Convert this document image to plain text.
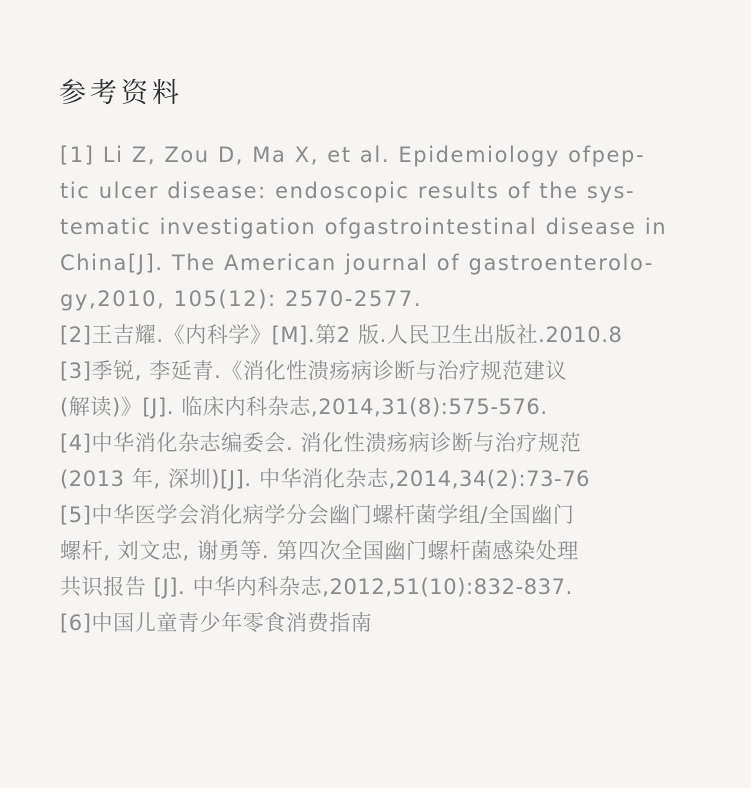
参考资料
[1] Li Z, Zou D, Ma X, et al. Epidemiology ofpep-
tic ulcer disease: endoscopic results of the sys-
tematic investigation ofgastrointestinal disease in
China[J]. The American journal of gastroenterolo-
gy,2010, 105(12): 2570-2577.
[2]王吉耀.《内科学》[M].第2 版.人民卫生出版社.2010.8
[3]季锐, 李延青.《消化性溃疡病诊断与治疗规范建议
(解读)》[J]. 临床内科杂志,2014,31(8):575-576.
[4]中华消化杂志编委会. 消化性溃疡病诊断与治疗规范
(2013 年, 深圳)[J]. 中华消化杂志,2014,34(2):73-76
[5]中华医学会消化病学分会幽门螺杆菌学组/全国幽门
螺杆, 刘文忠, 谢勇等. 第四次全国幽门螺杆菌感染处理
共识报告 [J]. 中华内科杂志,2012,51(10):832-837.
[6]中国儿童青少年零食消费指南
